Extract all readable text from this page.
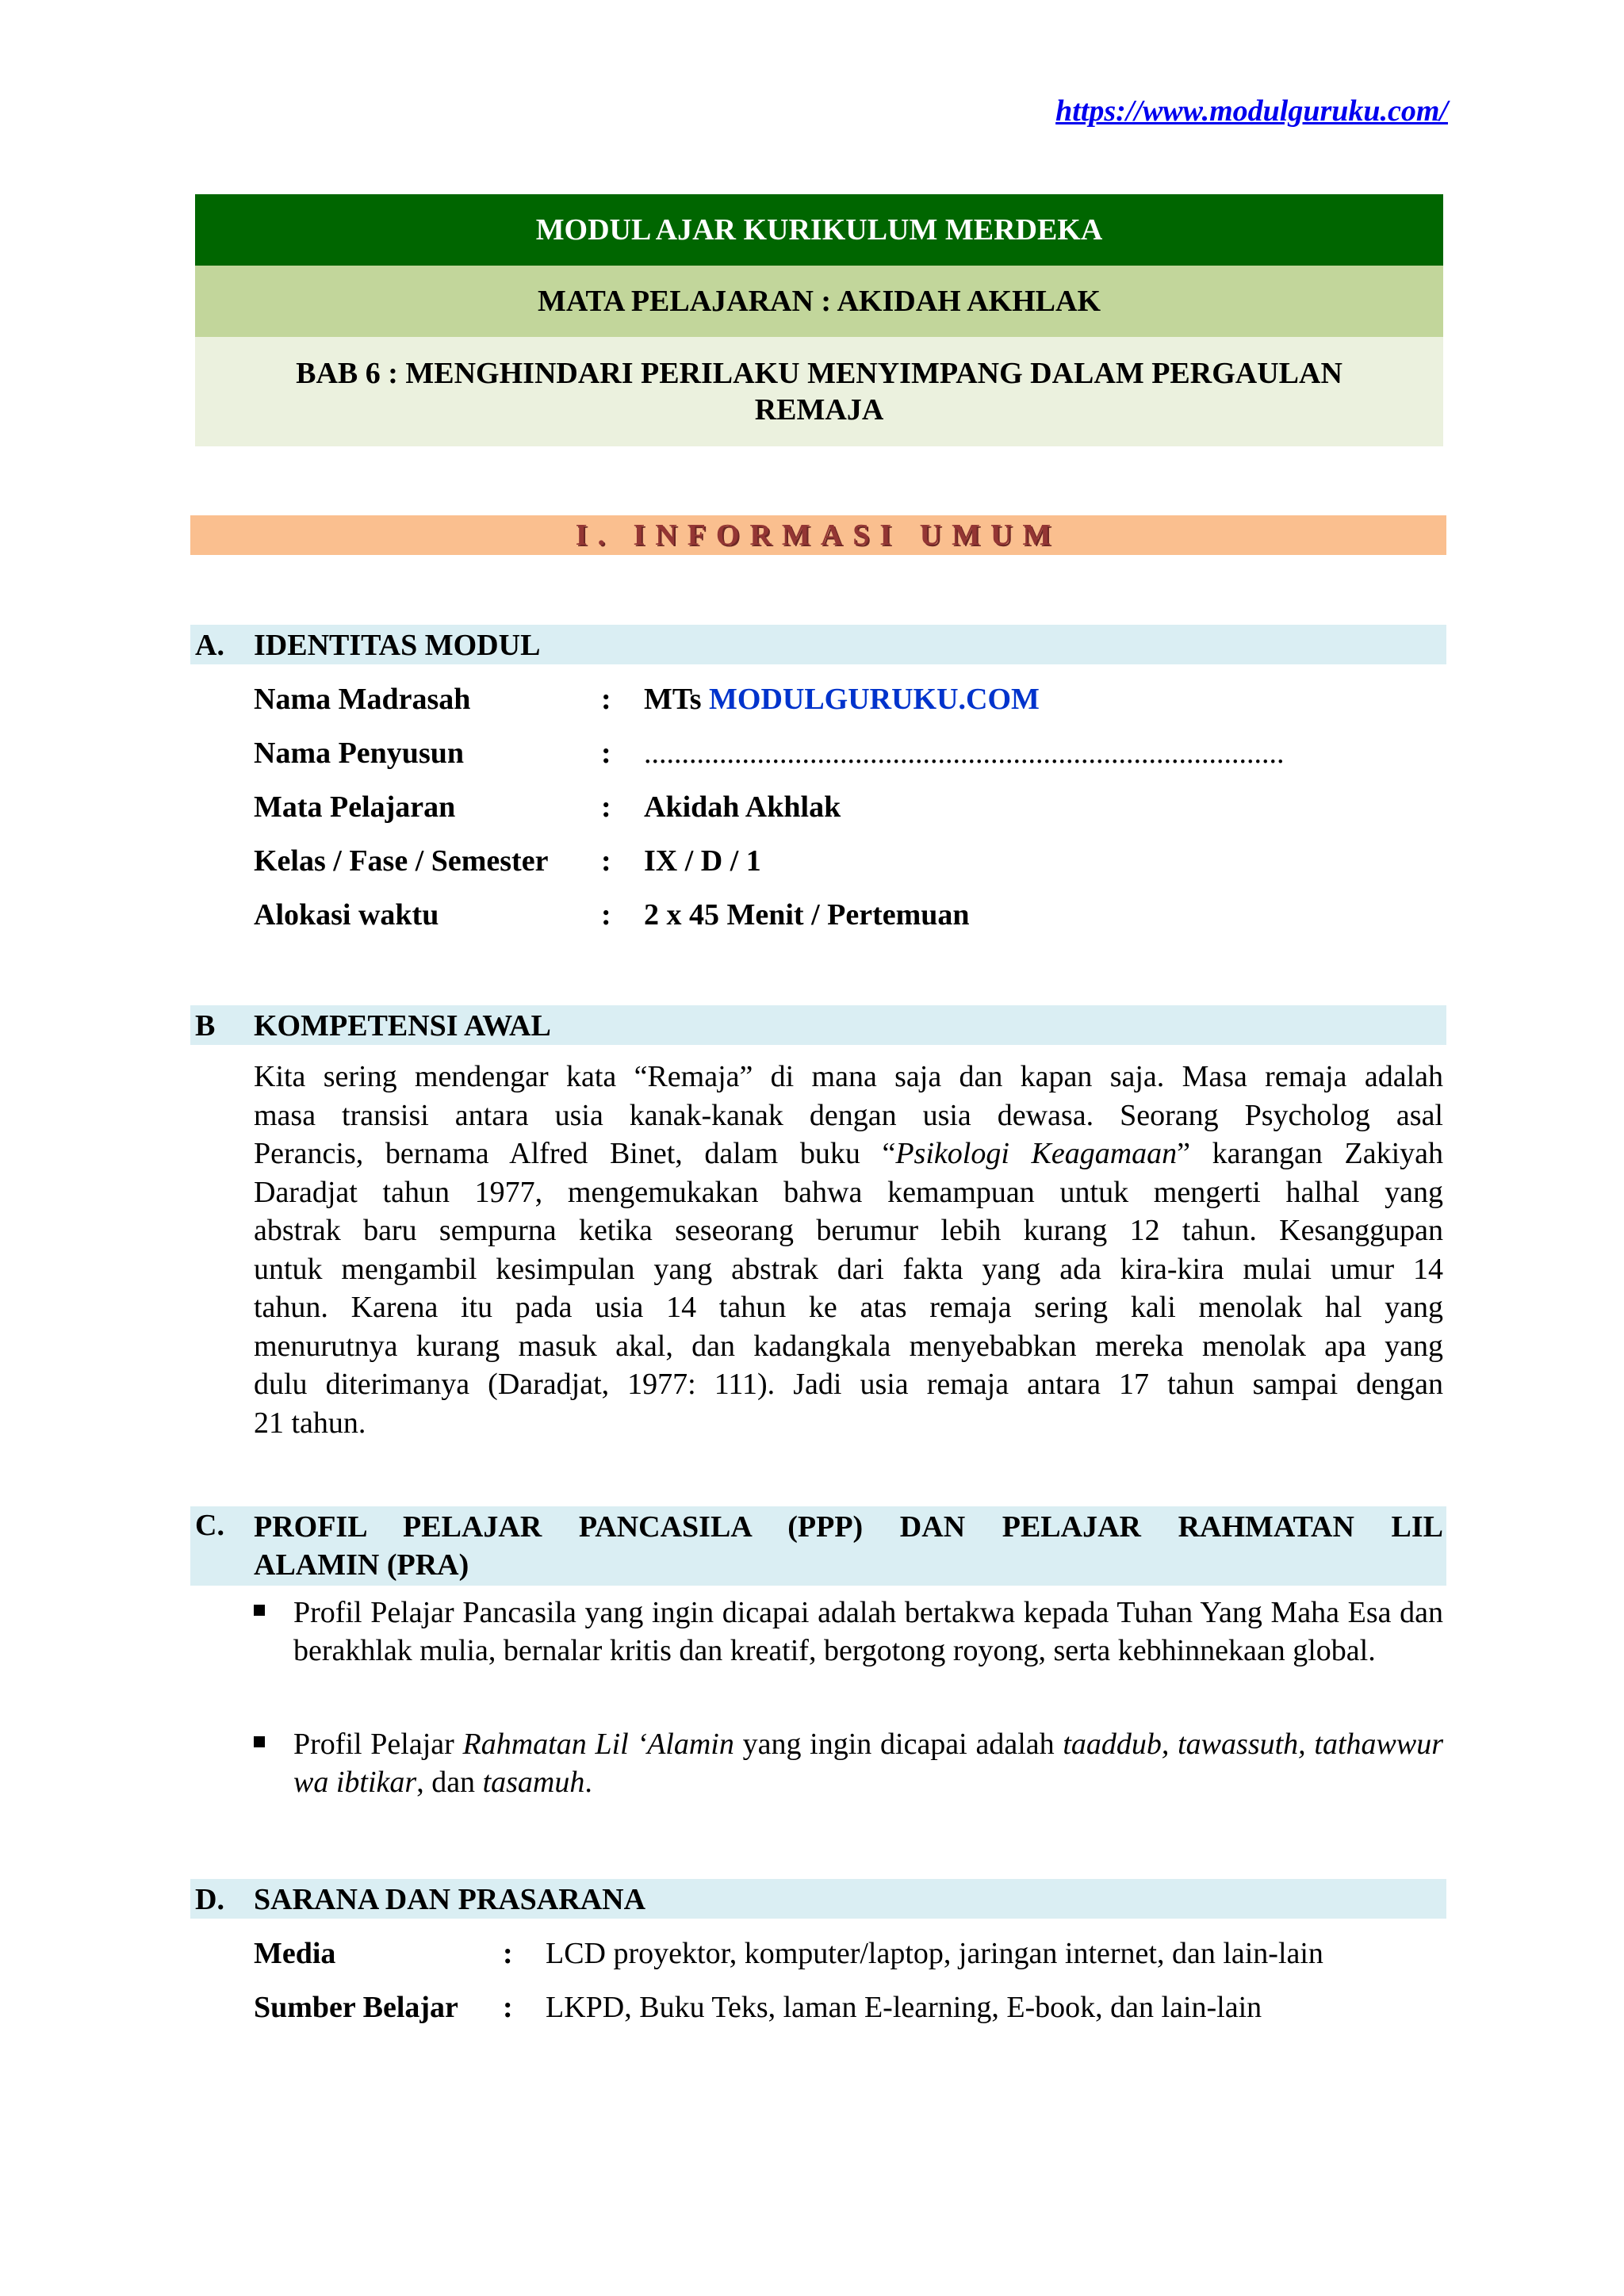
https://www.modulguruku.com/
MODUL AJAR KURIKULUM MERDEKA
MATA PELAJARAN : AKIDAH AKHLAK
BAB 6 : MENGHINDARI PERILAKU MENYIMPANG DALAM PERGAULAN
REMAJA
I. INFORMASI UMUM
A. IDENTITAS MODUL
Nama Madrasah	: MTs MODULGURUKU.COM
Nama Penyusun	: .....................................................................................
Mata Pelajaran	: Akidah Akhlak
Kelas / Fase / Semester : IX / D / 1
Alokasi waktu	: 2 x 45 Menit / Pertemuan
B KOMPETENSI AWAL
Kita sering mendengar kata “Remaja” di mana saja dan kapan saja. Masa remaja adalah
masa transisi antara usia kanak-kanak dengan usia dewasa. Seorang Psycholog asal
Perancis, bernama Alfred Binet, dalam buku “Psikologi Keagamaan” karangan Zakiyah
Daradjat tahun 1977, mengemukakan bahwa kemampuan untuk mengerti halhal yang
abstrak baru sempurna ketika seseorang berumur lebih kurang 12 tahun. Kesanggupan
untuk mengambil kesimpulan yang abstrak dari fakta yang ada kira-kira mulai umur 14
tahun. Karena itu pada usia 14 tahun ke atas remaja sering kali menolak hal yang
menurutnya kurang masuk akal, dan kadangkala menyebabkan mereka menolak apa yang
dulu diterimanya (Daradjat, 1977: 111). Jadi usia remaja antara 17 tahun sampai dengan
21 tahun.
C. PROFIL PELAJAR PANCASILA (PPP) DAN PELAJAR RAHMATAN LIL
ALAMIN (PRA)
Profil Pelajar Pancasila yang ingin dicapai adalah bertakwa kepada Tuhan Yang Maha Esa dan berakhlak mulia, bernalar kritis dan kreatif, bergotong royong, serta kebhinnekaan global.
Profil Pelajar Rahmatan Lil ‘Alamin yang ingin dicapai adalah taaddub, tawassuth, tathawwur wa ibtikar, dan tasamuh.
D. SARANA DAN PRASARANA
Media	: LCD proyektor, komputer/laptop, jaringan internet, dan lain-lain
Sumber Belajar : LKPD, Buku Teks, laman E-learning, E-book, dan lain-lain
